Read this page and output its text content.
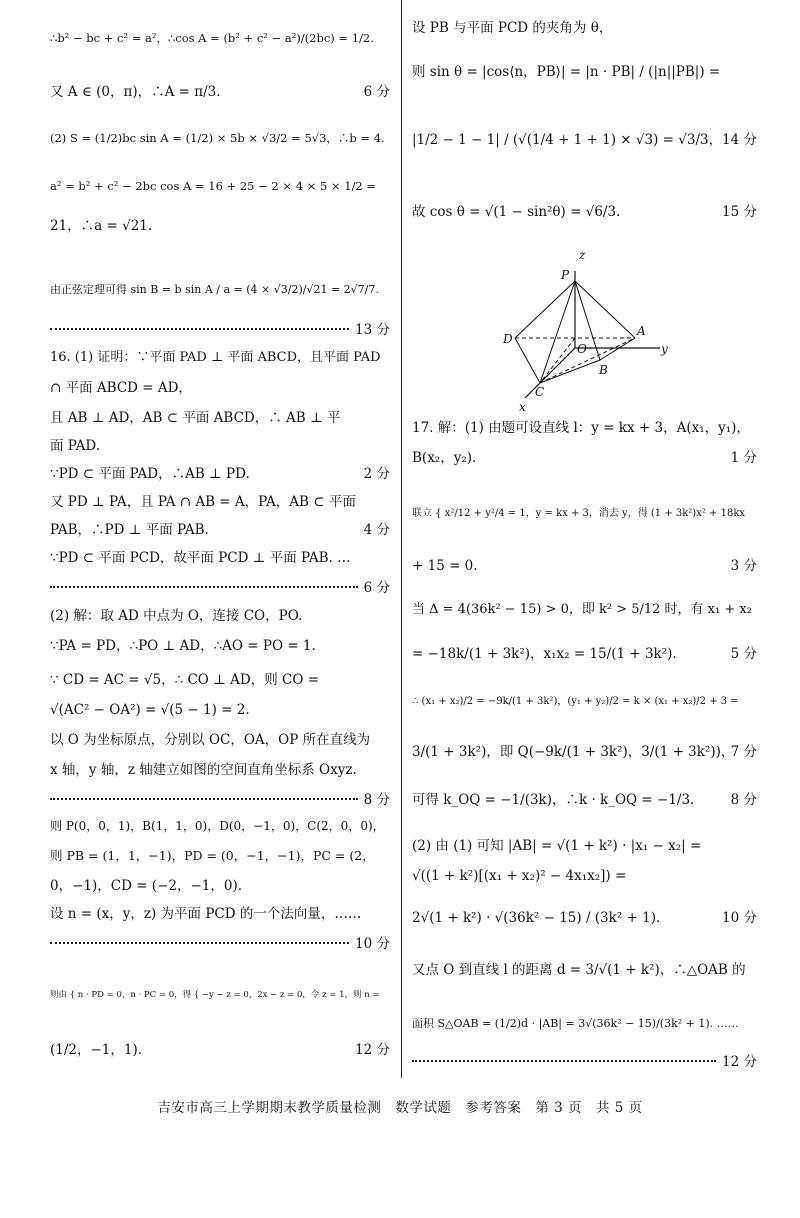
∴b² − bc + c² = a²，∴cos A = (b² + c² − a²)/(2bc) = 1/2.
又 A ∈ (0，π)，∴A = π/3.
(2) S = (1/2)bc sin A = (1/2) × 5b × √3/2 = 5√3，∴b = 4.
a² = b² + c² − 2bc cos A = 16 + 25 − 2 × 4 × 5 × 1/2 =
21，∴a = √21.
由正弦定理可得 sin B = b sin A / a = (4 × √3/2)/√21 = 2√7/7.
16. (1) 证明：∵平面 PAD ⊥ 平面 ABCD，且平面 PAD
∩ 平面 ABCD = AD，
且 AB ⊥ AD，AB ⊂ 平面 ABCD，∴ AB ⊥ 平
面 PAD.
∵PD ⊂ 平面 PAD，∴AB ⊥ PD.
又 PD ⊥ PA，且 PA ∩ AB = A，PA，AB ⊂ 平面
PAB，∴PD ⊥ 平面 PAB.
∵PD ⊂ 平面 PCD，故平面 PCD ⊥ 平面 PAB. …
(2) 解：取 AD 中点为 O，连接 CO，PO.
∵PA = PD，∴PO ⊥ AD，∴AO = PO = 1.
∵ CD = AC = √5，∴ CO ⊥ AD，则 CO =
√(AC² − OA²) = √(5 − 1) = 2.
以 O 为坐标原点，分别以 OC，OA，OP 所在直线为
x 轴，y 轴，z 轴建立如图的空间直角坐标系 Oxyz.
则 P(0，0，1)，B(1，1，0)，D(0，−1，0)，C(2，0，0)，
则 PB = (1，1，−1)，PD = (0，−1，−1)，PC = (2，
0，−1)，CD = (−2，−1，0).
设 n = (x，y，z) 为平面 PCD 的一个法向量，……
则由 { n · PD = 0，n · PC = 0，得 { −y − z = 0，2x − z = 0，令 z = 1，则 n =
(1/2，−1，1).
6 分
13 分
2 分
4 分
6 分
8 分
10 分
12 分
设 PB 与平面 PCD 的夹角为 θ，
则 sin θ = |cos⟨n，PB⟩| = |n · PB| / (|n||PB|) =
|1/2 − 1 − 1| / (√(1/4 + 1 + 1) × √3) = √3/3，
故 cos θ = √(1 − sin²θ) = √6/3.
17. 解：(1) 由题可设直线 l：y = kx + 3，A(x₁，y₁)，
B(x₂，y₂).
联立 { x²/12 + y²/4 = 1，y = kx + 3，消去 y，得 (1 + 3k²)x² + 18kx
+ 15 = 0.
当 Δ = 4(36k² − 15) > 0，即 k² > 5/12 时，有 x₁ + x₂
= −18k/(1 + 3k²)，x₁x₂ = 15/(1 + 3k²).
∴ (x₁ + x₂)/2 = −9k/(1 + 3k²)，(y₁ + y₂)/2 = k × (x₁ + x₂)/2 + 3 =
3/(1 + 3k²)，即 Q(−9k/(1 + 3k²)，3/(1 + 3k²))，
可得 k_OQ = −1/(3k)，∴k · k_OQ = −1/3.
(2) 由 (1) 可知 |AB| = √(1 + k²) · |x₁ − x₂| =
√((1 + k²)[(x₁ + x₂)² − 4x₁x₂]) =
2√(1 + k²) · √(36k² − 15) / (3k² + 1).
又点 O 到直线 l 的距离 d = 3/√(1 + k²)，∴△OAB 的
面积 S△OAB = (1/2)d · |AB| = 3√(36k² − 15)/(3k² + 1). ……
14 分
15 分
1 分
3 分
5 分
7 分
8 分
10 分
12 分
z
P
D
O
A
y
B
C
x
吉安市高三上学期期末教学质量检测　数学试题　参考答案　第 3 页　共 5 页
